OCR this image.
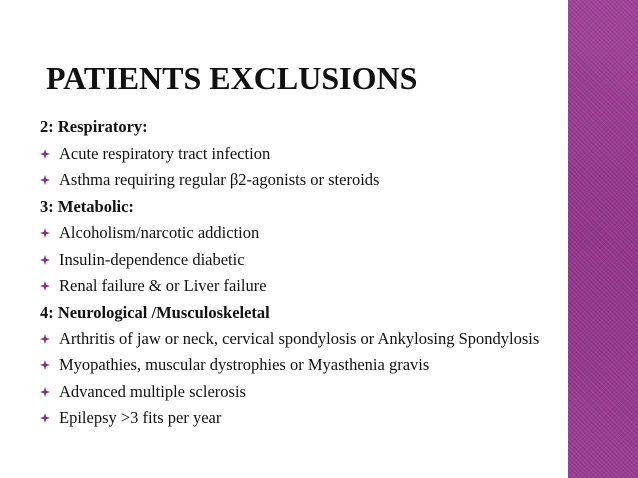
PATIENTS EXCLUSIONS
2: Respiratory:
Acute respiratory tract infection
Asthma requiring regular β2-agonists or steroids
3: Metabolic:
Alcoholism/narcotic addiction
Insulin-dependence diabetic
Renal failure & or Liver failure
4: Neurological /Musculoskeletal
Arthritis of jaw or neck, cervical spondylosis or Ankylosing Spondylosis
Myopathies, muscular dystrophies or Myasthenia gravis
Advanced multiple sclerosis
Epilepsy >3 fits per year
